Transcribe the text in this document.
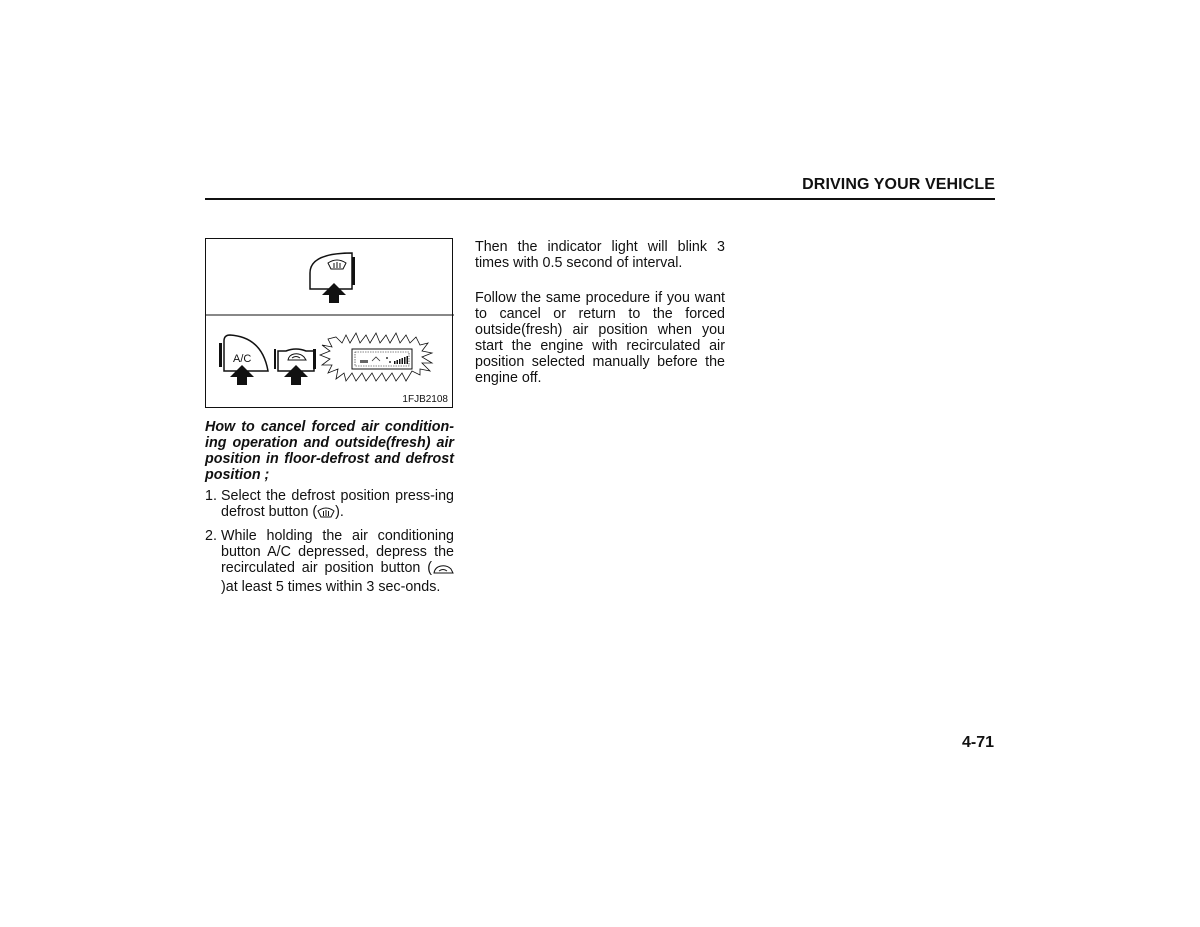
DRIVING YOUR VEHICLE
A/C
1FJB2108

How to cancel forced air condition-ing operation and outside(fresh) air position in floor-defrost and defrost position ;

1. Select the defrost position press-ing defrost button ( ).
2. While holding the air conditioning button A/C depressed, depress the recirculated air position button ()at least 5 times within 3 sec-onds.

Then the indicator light will blink 3 times with 0.5 second of interval.

Follow the same procedure if you want to cancel or return to the forced outside(fresh) air position when you start the engine with recirculated air position selected manually before the engine off.

4-71
